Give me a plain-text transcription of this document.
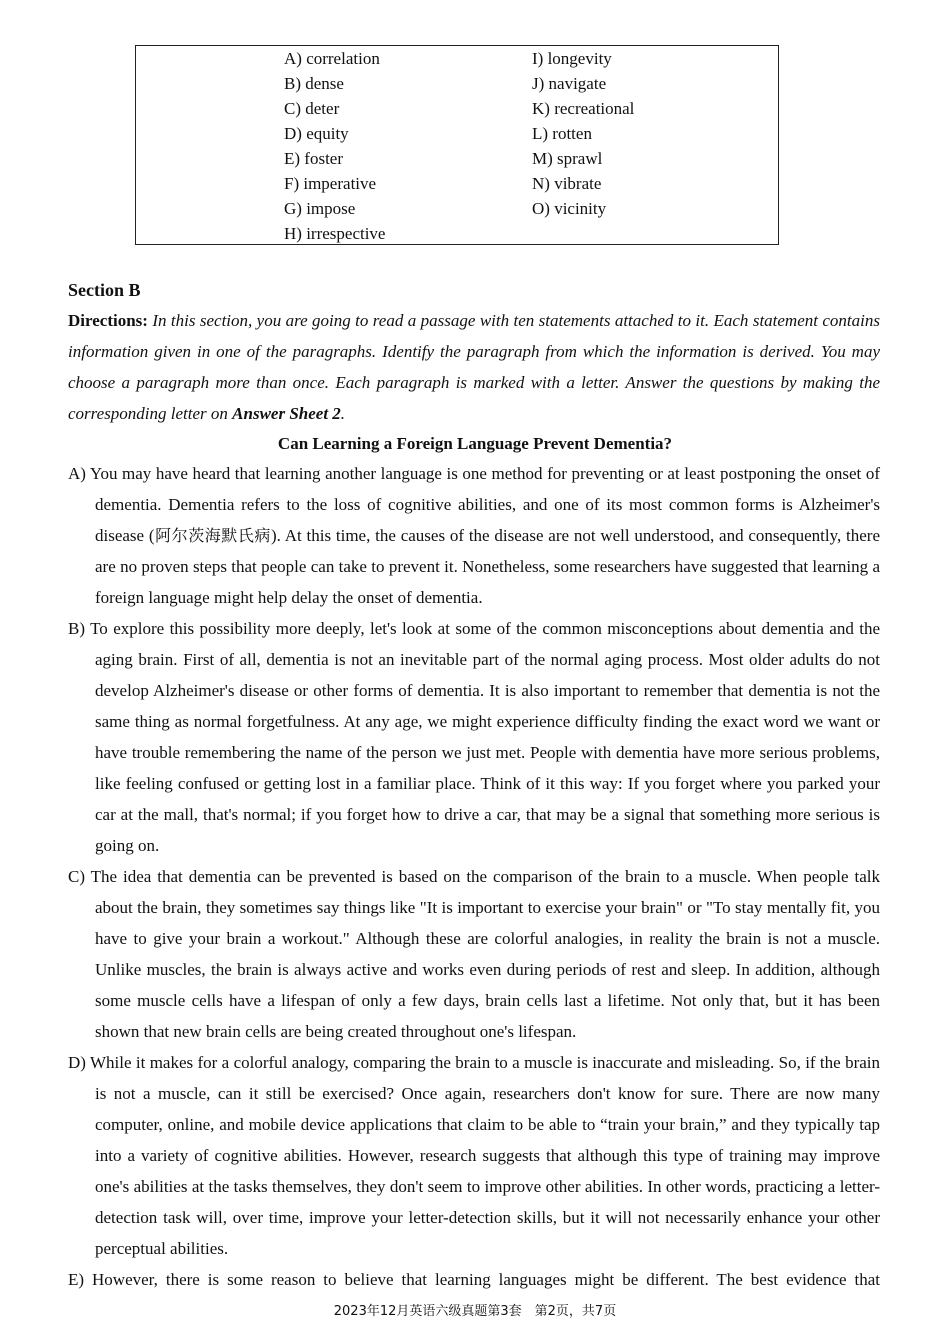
A) correlation
B) dense
C) deter
D) equity
E) foster
F) imperative
G) impose
H) irrespective
I) longevity
J) navigate
K) recreational
L) rotten
M) sprawl
N) vibrate
O) vicinity
Section B

Directions: In this section, you are going to read a passage with ten statements attached to it. Each statement contains information given in one of the paragraphs. Identify the paragraph from which the information is derived. You may choose a paragraph more than once. Each paragraph is marked with a letter. Answer the questions by making the corresponding letter on Answer Sheet 2.

Can Learning a Foreign Language Prevent Dementia?

A) You may have heard that learning another language is one method for preventing or at least postponing the onset of dementia. Dementia refers to the loss of cognitive abilities, and one of its most common forms is Alzheimer's disease (阿尔茨海默氏病). At this time, the causes of the disease are not well understood, and consequently, there are no proven steps that people can take to prevent it. Nonetheless, some researchers have suggested that learning a foreign language might help delay the onset of dementia.

B) To explore this possibility more deeply, let's look at some of the common misconceptions about dementia and the aging brain. First of all, dementia is not an inevitable part of the normal aging process. Most older adults do not develop Alzheimer's disease or other forms of dementia. It is also important to remember that dementia is not the same thing as normal forgetfulness. At any age, we might experience difficulty finding the exact word we want or have trouble remembering the name of the person we just met. People with dementia have more serious problems, like feeling confused or getting lost in a familiar place. Think of it this way: If you forget where you parked your car at the mall, that's normal; if you forget how to drive a car, that may be a signal that something more serious is going on.

C) The idea that dementia can be prevented is based on the comparison of the brain to a muscle. When people talk about the brain, they sometimes say things like "It is important to exercise your brain" or "To stay mentally fit, you have to give your brain a workout." Although these are colorful analogies, in reality the brain is not a muscle. Unlike muscles, the brain is always active and works even during periods of rest and sleep. In addition, although some muscle cells have a lifespan of only a few days, brain cells last a lifetime. Not only that, but it has been shown that new brain cells are being created throughout one's lifespan.

D) While it makes for a colorful analogy, comparing the brain to a muscle is inaccurate and misleading. So, if the brain is not a muscle, can it still be exercised? Once again, researchers don't know for sure. There are now many computer, online, and mobile device applications that claim to be able to “train your brain,” and they typically tap into a variety of cognitive abilities. However, research suggests that although this type of training may improve one's abilities at the tasks themselves, they don't seem to improve other abilities. In other words, practicing a letter-detection task will, over time, improve your letter-detection skills, but it will not necessarily enhance your other perceptual abilities.

E) However, there is some reason to believe that learning languages might be different. The best evidence that

2023年12月英语六级真题第3套　第2页，共7页
